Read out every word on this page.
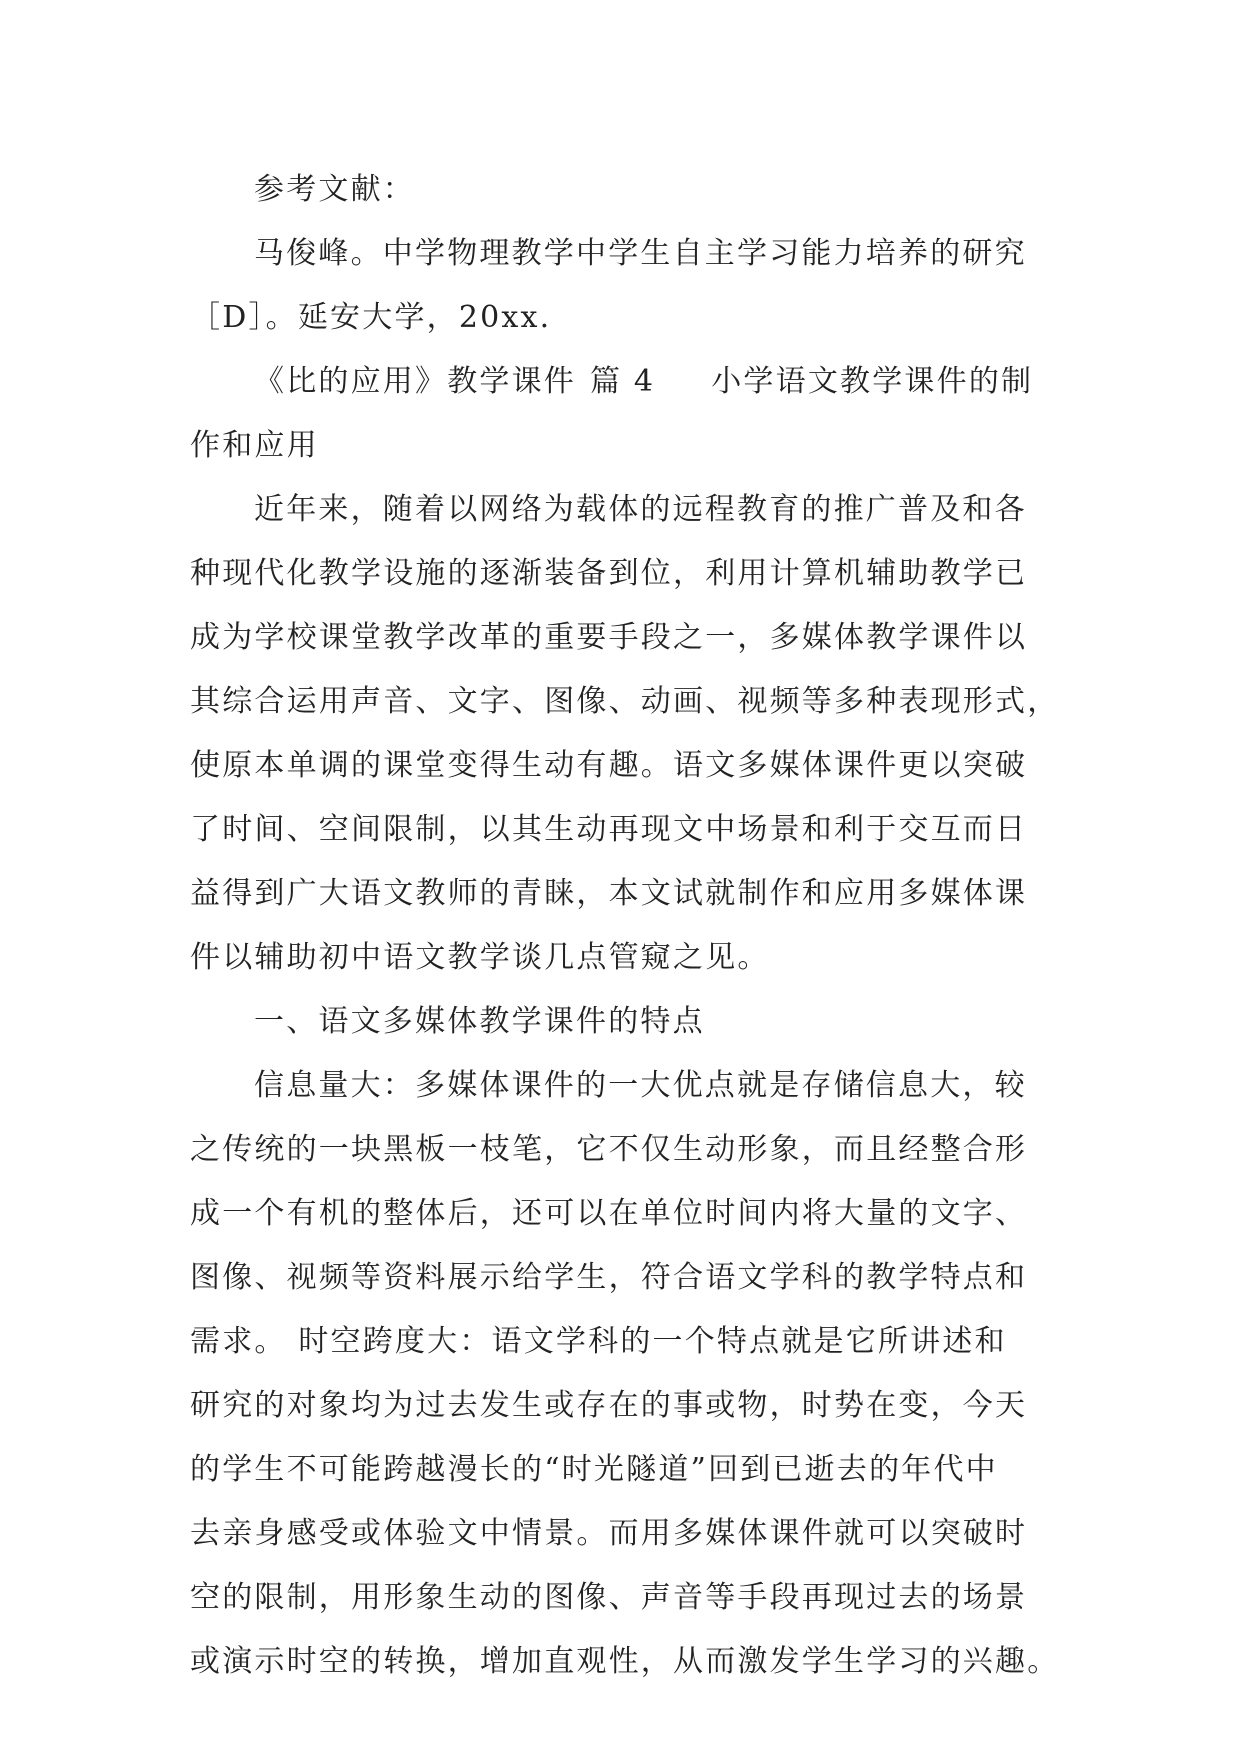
参考文献：
马俊峰。中学物理教学中学生自主学习能力培养的研究
［D］。延安大学，20xx.
《比的应用》教学课件 篇 4 小学语文教学课件的制
作和应用
近年来，随着以网络为载体的远程教育的推广普及和各
种现代化教学设施的逐渐装备到位，利用计算机辅助教学已
成为学校课堂教学改革的重要手段之一，多媒体教学课件以
其综合运用声音、文字、图像、动画、视频等多种表现形式，
使原本单调的课堂变得生动有趣。语文多媒体课件更以突破
了时间、空间限制，以其生动再现文中场景和利于交互而日
益得到广大语文教师的青睐，本文试就制作和应用多媒体课
件以辅助初中语文教学谈几点管窥之见。
一、语文多媒体教学课件的特点
信息量大：多媒体课件的一大优点就是存储信息大，较
之传统的一块黑板一枝笔，它不仅生动形象，而且经整合形
成一个有机的整体后，还可以在单位时间内将大量的文字、
图像、视频等资料展示给学生，符合语文学科的教学特点和
需求。 时空跨度大：语文学科的一个特点就是它所讲述和
研究的对象均为过去发生或存在的事或物，时势在变，今天
的学生不可能跨越漫长的“时光隧道”回到已逝去的年代中
去亲身感受或体验文中情景。而用多媒体课件就可以突破时
空的限制，用形象生动的图像、声音等手段再现过去的场景
或演示时空的转换，增加直观性，从而激发学生学习的兴趣。
